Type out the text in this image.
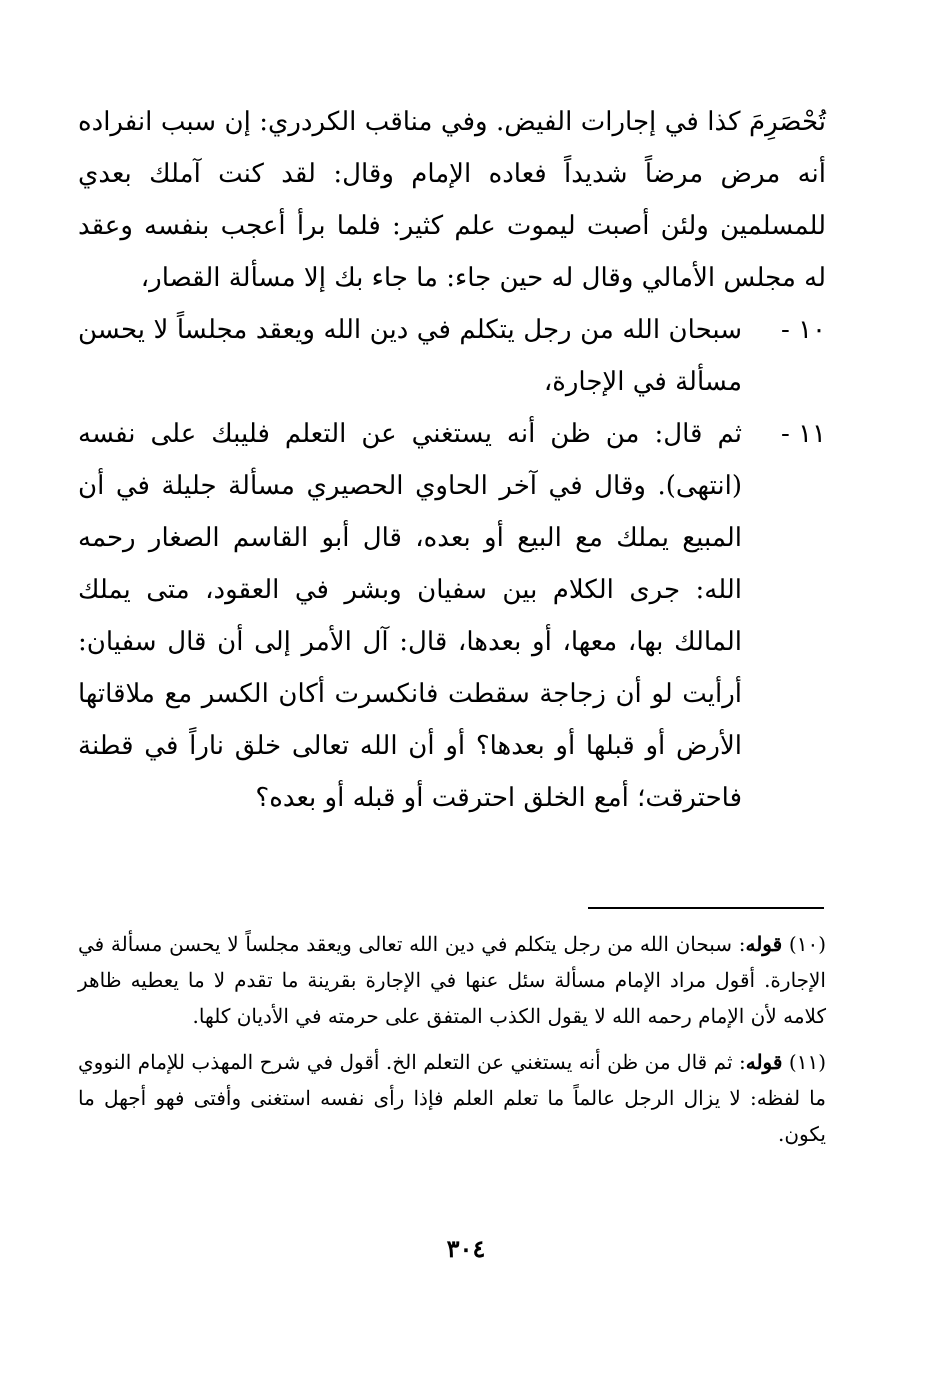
تُحْصَرِمَ كذا في إجارات الفيض. وفي مناقب الكردري: إن سبب انفراده أنه مرض مرضاً شديداً فعاده الإمام وقال: لقد كنت آملك بعدي للمسلمين ولئن أصبت ليموت علم كثير: فلما برأ أعجب بنفسه وعقد له مجلس الأمالي وقال له حين جاء: ما جاء بك إلا مسألة القصار،

١٠ -
سبحان الله من رجل يتكلم في دين الله ويعقد مجلساً لا يحسن مسألة في الإجارة،
١١ -
ثم قال: من ظن أنه يستغني عن التعلم فليبك على نفسه (انتهى). وقال في آخر الحاوي الحصيري مسألة جليلة في أن المبيع يملك مع البيع أو بعده، قال أبو القاسم الصغار رحمه الله: جرى الكلام بين سفيان وبشر في العقود، متى يملك المالك بها، معها، أو بعدها، قال: آل الأمر إلى أن قال سفيان: أرأيت لو أن زجاجة سقطت فانكسرت أكان الكسر مع ملاقاتها الأرض أو قبلها أو بعدها؟ أو أن الله تعالى خلق ناراً في قطنة فاحترقت؛ أمع الخلق احترقت أو قبله أو بعده؟

(١٠) قوله: سبحان الله من رجل يتكلم في دين الله تعالى ويعقد مجلساً لا يحسن مسألة في الإجارة. أقول مراد الإمام مسألة سئل عنها في الإجارة بقرينة ما تقدم لا ما يعطيه ظاهر كلامه لأن الإمام رحمه الله لا يقول الكذب المتفق على حرمته في الأديان كلها.

(١١) قوله: ثم قال من ظن أنه يستغني عن التعلم الخ. أقول في شرح المهذب للإمام النووي ما لفظه: لا يزال الرجل عالماً ما تعلم العلم فإذا رأى نفسه استغنى وأفتى فهو أجهل ما يكون.

٣٠٤
